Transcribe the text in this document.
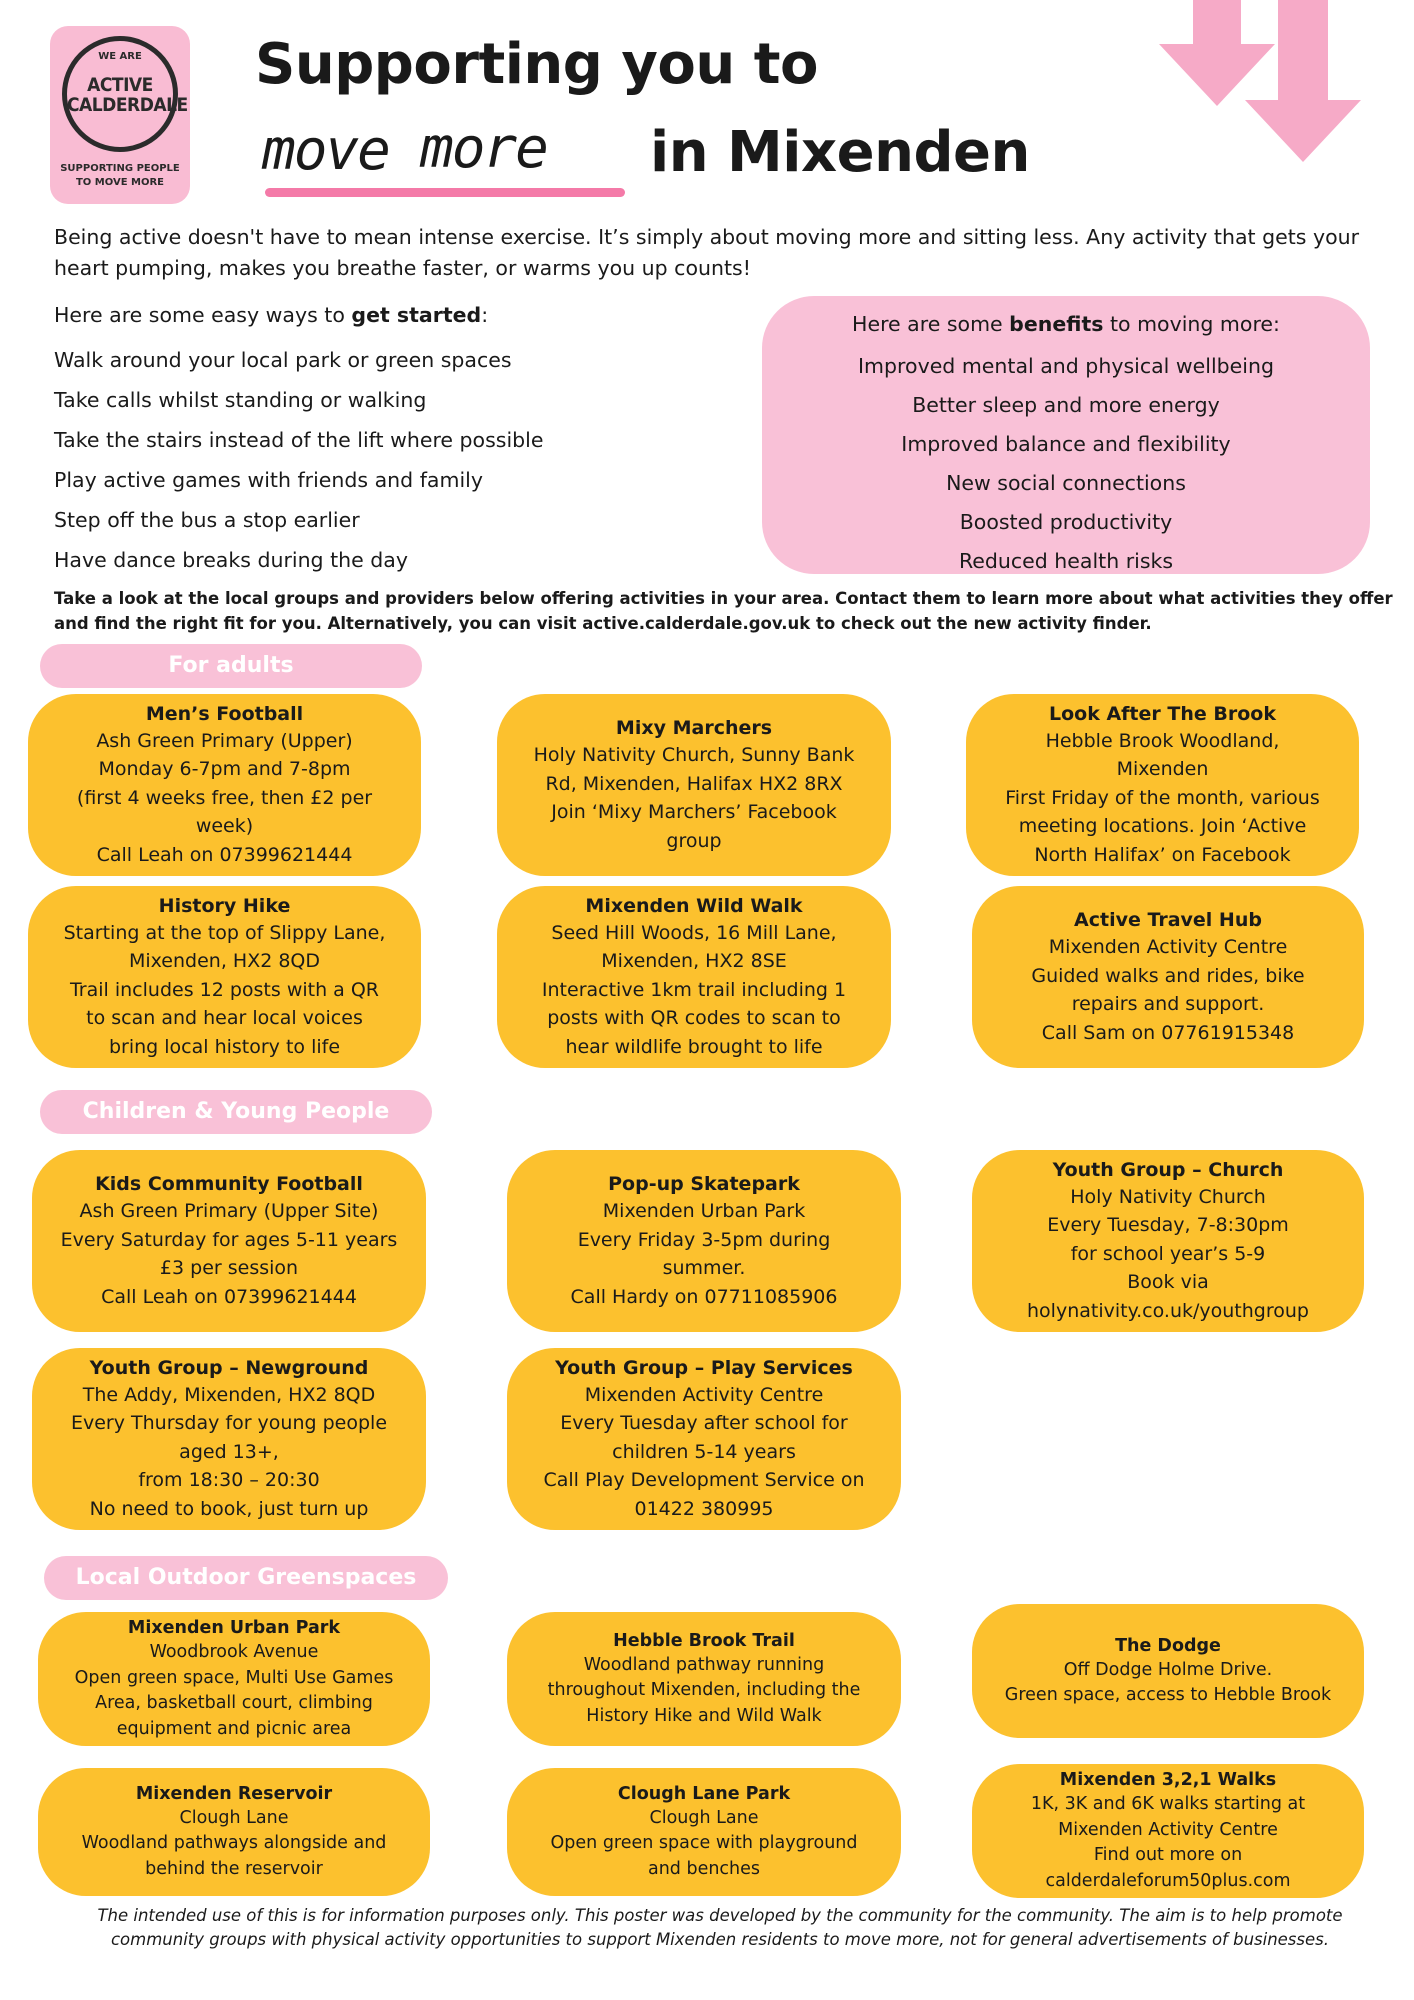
WE ARE
ACTIVE
CALDERDALE
SUPPORTING PEOPLE
TO MOVE MORE
Supporting you to
move more in Mixenden

Being active doesn't have to mean intense exercise. It’s simply about moving more and sitting less. Any activity that gets your heart pumping, makes you breathe faster, or warms you up counts!

Here are some easy ways to get started:
Walk around your local park or green spaces
Take calls whilst standing or walking
Take the stairs instead of the lift where possible
Play active games with friends and family
Step off the bus a stop earlier
Have dance breaks during the day
Here are some benefits to moving more:
Improved mental and physical wellbeing
Better sleep and more energy
Improved balance and flexibility
New social connections
Boosted productivity
Reduced health risks

Take a look at the local groups and providers below offering activities in your area. Contact them to learn more about what activities they offer and find the right fit for you. Alternatively, you can visit active.calderdale.gov.uk to check out the new activity finder.

For adults
Children & Young People
Local Outdoor Greenspaces
Men’s Football
Ash Green Primary (Upper)
Monday 6-7pm and 7-8pm
(first 4 weeks free, then £2 per
week)
Call Leah on 07399621444
Mixy Marchers
Holy Nativity Church, Sunny Bank
Rd, Mixenden, Halifax HX2 8RX
Join ‘Mixy Marchers’ Facebook
group
Look After The Brook
Hebble Brook Woodland,
Mixenden
First Friday of the month, various
meeting locations. Join ‘Active
North Halifax’ on Facebook
History Hike
Starting at the top of Slippy Lane,
Mixenden, HX2 8QD
Trail includes 12 posts with a QR
to scan and hear local voices
bring local history to life
Mixenden Wild Walk
Seed Hill Woods, 16 Mill Lane,
Mixenden, HX2 8SE
Interactive 1km trail including 1
posts with QR codes to scan to
hear wildlife brought to life
Active Travel Hub
Mixenden Activity Centre
Guided walks and rides, bike
repairs and support.
Call Sam on 07761915348
Kids Community Football
Ash Green Primary (Upper Site)
Every Saturday for ages 5-11 years
£3 per session
Call Leah on 07399621444
Pop-up Skatepark
Mixenden Urban Park
Every Friday 3-5pm during
summer.
Call Hardy on 07711085906
Youth Group – Church
Holy Nativity Church
Every Tuesday, 7-8:30pm
for school year’s 5-9
Book via
holynativity.co.uk/youthgroup
Youth Group – Newground
The Addy, Mixenden, HX2 8QD
Every Thursday for young people
aged 13+,
from 18:30 – 20:30
No need to book, just turn up
Youth Group – Play Services
Mixenden Activity Centre
Every Tuesday after school for
children 5-14 years
Call Play Development Service on
01422 380995
Mixenden Urban Park
Woodbrook Avenue
Open green space, Multi Use Games
Area, basketball court, climbing
equipment and picnic area
Hebble Brook Trail
Woodland pathway running
throughout Mixenden, including the
History Hike and Wild Walk
The Dodge
Off Dodge Holme Drive.
Green space, access to Hebble Brook
Mixenden Reservoir
Clough Lane
Woodland pathways alongside and
behind the reservoir
Clough Lane Park
Clough Lane
Open green space with playground
and benches
Mixenden 3,2,1 Walks
1K, 3K and 6K walks starting at
Mixenden Activity Centre
Find out more on
calderdaleforum50plus.com

The intended use of this is for information purposes only. This poster was developed by the community for the community. The aim is to help promote community groups with physical activity opportunities to support Mixenden residents to move more, not for general advertisements of businesses.
